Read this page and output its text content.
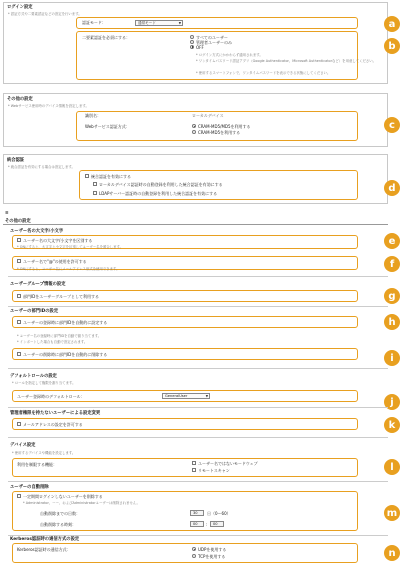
ログイン設定
* 認証方式や二要素認証などの設定を行います。
認証モード：	通常モード ▼	a
二要素認証を必須にする：	すべてのユーザー
管理者ユーザーのみ
OFF
* ログイン方式にかかわらず適用されます。
* ワンタイムパスワード認証アプリ（Google Authenticator、Microsoft Authenticatorなど）を用意してください。
* 使用するスマートフォンで、ワンタイムパスワードを表示できる状態にしてください。
b
その他の設定
* Webサービス使用時のデバイス情報を設定します。
識別名：	ローカルデバイス
Webサービス認証方式：	CRAM-MD5/MD5を利用する
CRAM-MD5を利用する
c
統合認証
* 統合認証を有効にする場合は設定します。
統合認証を有効にする
ローカルデバイス認証時の自動登録を利用した統合認証を有効にする
LDAPサーバー認証時の自動登録を利用した統合認証を有効にする	d
≡
その他の設定
ユーザー名の大文字/小文字
ユーザー名の大文字/小文字を区別する
* ONにすると、大文字と小文字を区別してユーザー名を照合します。
e
ユーザー名で"@"の使用を許可する
* ONにすると、ユーザー名にメールアドレス形式を使用できます。	f
ユーザーグループ情報の設定
部門IDをユーザーグループとして利用する	g
ユーザーの部門IDの設定
ユーザーの登録時に部門IDを自動的に設定する	h
* ユーザー名の登録時に部門IDを自動で割り当てます。
* インポートした場合も自動で設定されます。
ユーザーの削除時に部門IDを自動的に削除する	i
デフォルトロールの設定
* ロールを指定して権限を割り当てます。
ユーザー登録時のデフォルトロール：	GeneralUser ▼
j
管理者権限を持たないユーザーによる設定変更
メールアドレスの設定を許可する	k
デバイス設定
* 使用するデバイスや機能を設定します。
利用を制限する機能：	ユーザー名ではないモードウェブ
リモートスキャン	l
ユーザーの自動削除
一定期間ログインしないユーザーを削除する
* Administrator、ーー、およびAdministratorユーザーは削除されません。
自動削除までの日数：	30	日（0〜60）
自動削除する時刻：	00	:	00
m
Kerberos認証時の通信方式の設定
Kerberos認証時の通信方式：	UDPを使用する
TCPを使用する	n
